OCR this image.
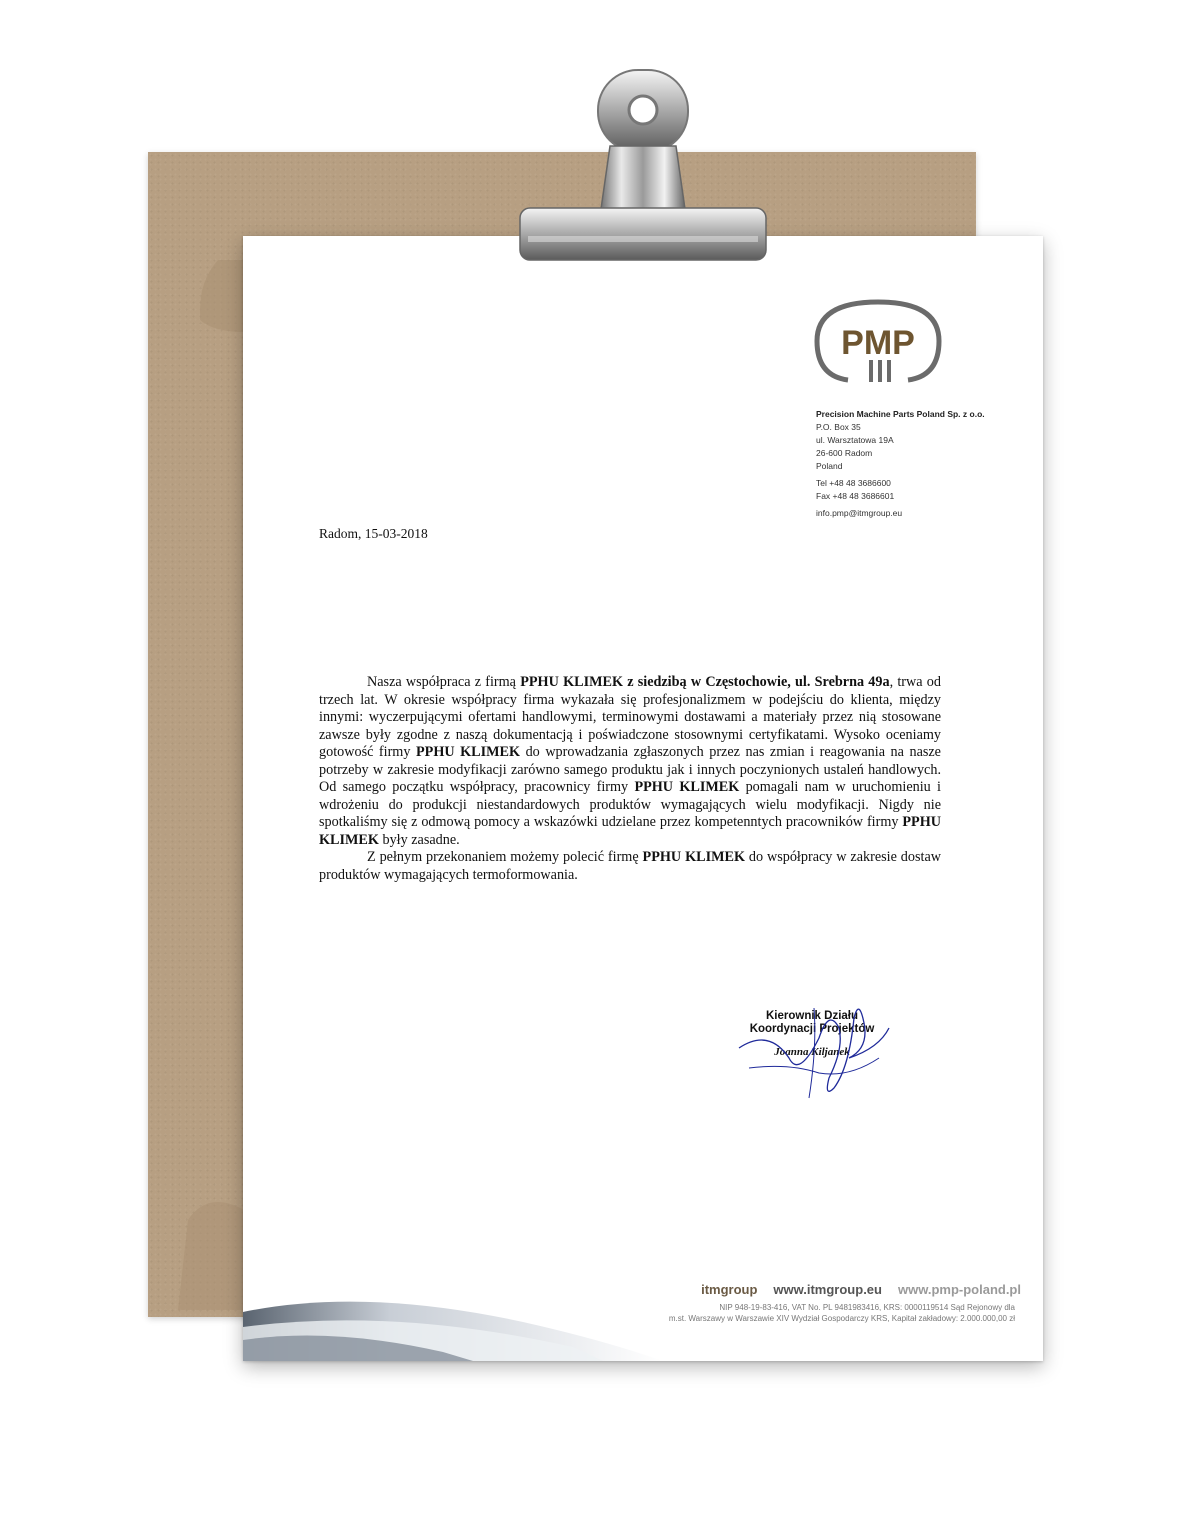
PMP
Precision Machine Parts Poland Sp. z o.o.
P.O. Box 35
ul. Warsztatowa 19A
26-600 Radom
Poland
Tel +48 48 3686600
Fax +48 48 3686601
info.pmp@itmgroup.eu
Radom, 15-03-2018

Nasza współpraca z firmą PPHU KLIMEK z siedzibą w Częstochowie, ul. Srebrna 49a, trwa od trzech lat. W okresie współpracy firma wykazała się profesjonalizmem w podejściu do klienta, między innymi: wyczerpującymi ofertami handlowymi, terminowymi dostawami a materiały przez nią stosowane zawsze były zgodne z naszą dokumentacją i poświadczone stosownymi certyfikatami. Wysoko oceniamy gotowość firmy PPHU KLIMEK do wprowadzania zgłaszonych przez nas zmian i reagowania na nasze potrzeby w zakresie modyfikacji zarówno samego produktu jak i innych poczynionych ustaleń handlowych. Od samego początku współpracy, pracownicy firmy PPHU KLIMEK pomagali nam w uruchomieniu i wdrożeniu do produkcji niestandardowych produktów wymagających wielu modyfikacji. Nigdy nie spotkaliśmy się z odmową pomocy a wskazówki udzielane przez kompetenntych pracowników firmy PPHU KLIMEK były zasadne.

Z pełnym przekonaniem możemy polecić firmę PPHU KLIMEK do współpracy w zakresie dostaw produktów wymagających termoformowania.

Kierownik Działu
Koordynacji Projektów
Joanna Kiljanek
itmgroup www.itmgroup.eu www.pmp-poland.pl
NIP 948-19-83-416, VAT No. PL 9481983416, KRS: 0000119514 Sąd Rejonowy dla
m.st. Warszawy w Warszawie XIV Wydział Gospodarczy KRS, Kapitał zakładowy: 2.000.000,00 zł
